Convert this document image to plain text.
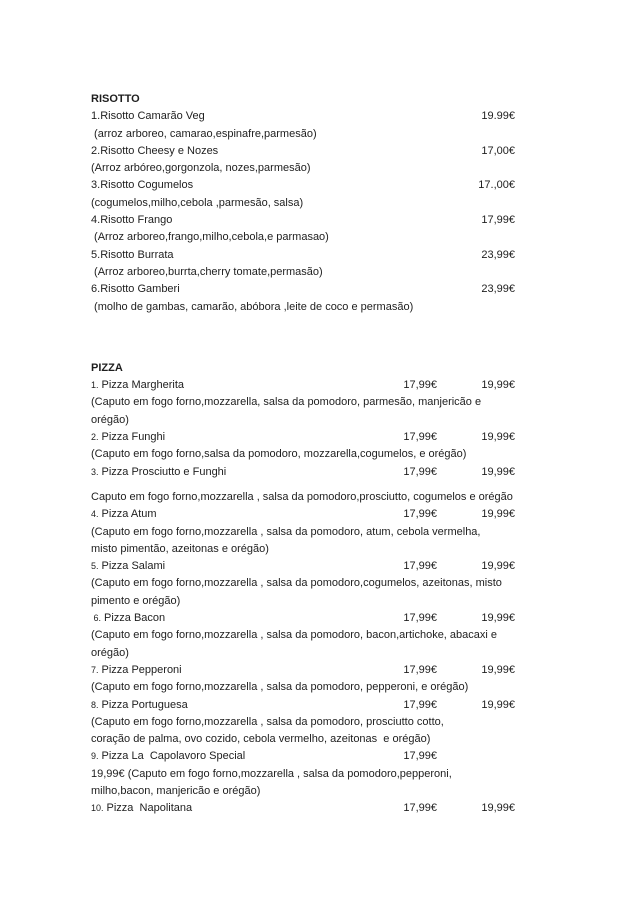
RISOTTO
1.Risotto Camarão Veg	19.99€
(arroz arboreo, camarao,espinafre,parmesão)
2.Risotto Cheesy e Nozes	17,00€
(Arroz arbóreo,gorgonzola, nozes,parmesão)
3.Risotto Cogumelos	17.,00€
(cogumelos,milho,cebola ,parmesão, salsa)
4.Risotto Frango	17,99€
(Arroz arboreo,frango,milho,cebola,e parmasao)
5.Risotto Burrata	23,99€
(Arroz arboreo,burrta,cherry tomate,permasão)
6.Risotto Gamberi	23,99€
(molho de gambas, camarão, abóbora ,leite de coco e permasão)
PIZZA
1. Pizza Margherita	17,99€	19,99€
(Caputo em fogo forno,mozzarella, salsa da pomodoro, parmesão, manjericão e
orégão)
2. Pizza Funghi	17,99€	19,99€
(Caputo em fogo forno,salsa da pomodoro, mozzarella,cogumelos, e orégão)
3. Pizza Prosciutto e Funghi	17,99€	19,99€
Caputo em fogo forno,mozzarella , salsa da pomodoro,prosciutto, cogumelos e orégão
4. Pizza Atum	17,99€	19,99€
(Caputo em fogo forno,mozzarella , salsa da pomodoro, atum, cebola vermelha,
misto pimentão, azeitonas e orégão)
5. Pizza Salami	17,99€	19,99€
(Caputo em fogo forno,mozzarella , salsa da pomodoro,cogumelos, azeitonas, misto
pimento e orégão)
6. Pizza Bacon	17,99€	19,99€
(Caputo em fogo forno,mozzarella , salsa da pomodoro, bacon,artichoke, abacaxi e
orégão)
7. Pizza Pepperoni	17,99€	19,99€
(Caputo em fogo forno,mozzarella , salsa da pomodoro, pepperoni, e orégão)
8. Pizza Portuguesa	17,99€	19,99€
(Caputo em fogo forno,mozzarella , salsa da pomodoro, prosciutto cotto,
coração de palma, ovo cozido, cebola vermelho, azeitonas  e orégão)
9. Pizza La  Capolavoro Special	17,99€
19,99€ (Caputo em fogo forno,mozzarella , salsa da pomodoro,pepperoni,
milho,bacon, manjericão e orégão)
10. Pizza  Napolitana	17,99€	19,99€
